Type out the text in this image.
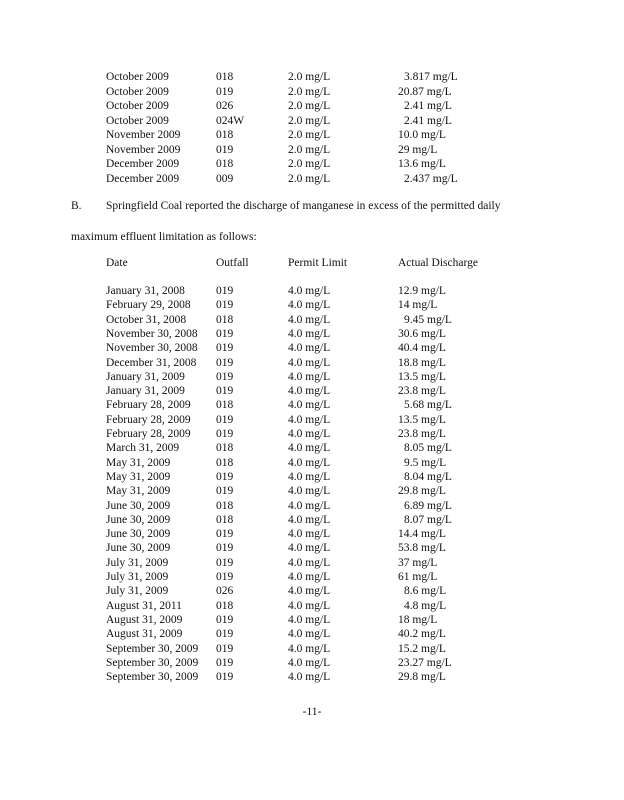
October 2009	018	2.0 mg/L	3.817 mg/L
October 2009	019	2.0 mg/L	20.87 mg/L
October 2009	026	2.0 mg/L	2.41 mg/L
October 2009	024W	2.0 mg/L	2.41 mg/L
November 2009	018	2.0 mg/L	10.0 mg/L
November 2009	019	2.0 mg/L	29 mg/L
December 2009	018	2.0 mg/L	13.6 mg/L
December 2009	009	2.0 mg/L	2.437 mg/L
B. Springfield Coal reported the discharge of manganese in excess of the permitted daily
maximum effluent limitation as follows:
Date	Outfall	Permit Limit	Actual Discharge
January 31, 2008	019	4.0 mg/L	12.9 mg/L
February 29, 2008 019	4.0 mg/L	14 mg/L
October 31, 2008	018	4.0 mg/L	9.45 mg/L
November 30, 2008 019	4.0 mg/L	30.6 mg/L
November 30, 2008 019	4.0 mg/L	40.4 mg/L
December 31, 2008 019	4.0 mg/L	18.8 mg/L
January 31, 2009	019	4.0 mg/L	13.5 mg/L
January 31, 2009	019	4.0 mg/L	23.8 mg/L
February 28, 2009 018	4.0 mg/L	5.68 mg/L
February 28, 2009 019	4.0 mg/L	13.5 mg/L
February 28, 2009 019	4.0 mg/L	23.8 mg/L
March 31, 2009	018	4.0 mg/L	8.05 mg/L
May 31, 2009	018	4.0 mg/L	9.5 mg/L
May 31, 2009	019	4.0 mg/L	8.04 mg/L
May 31, 2009	019	4.0 mg/L	29.8 mg/L
June 30, 2009	018	4.0 mg/L	6.89 mg/L
June 30, 2009	018	4.0 mg/L	8.07 mg/L
June 30, 2009	019	4.0 mg/L	14.4 mg/L
June 30, 2009	019	4.0 mg/L	53.8 mg/L
July 31, 2009	019	4.0 mg/L	37 mg/L
July 31, 2009	019	4.0 mg/L	61 mg/L
July 31, 2009	026	4.0 mg/L	8.6 mg/L
August 31, 2011	018	4.0 mg/L	4.8 mg/L
August 31, 2009	019	4.0 mg/L	18 mg/L
August 31, 2009	019	4.0 mg/L	40.2 mg/L
September 30, 2009 019	4.0 mg/L	15.2 mg/L
September 30, 2009 019	4.0 mg/L	23.27 mg/L
September 30, 2009 019	4.0 mg/L	29.8 mg/L
-11-
